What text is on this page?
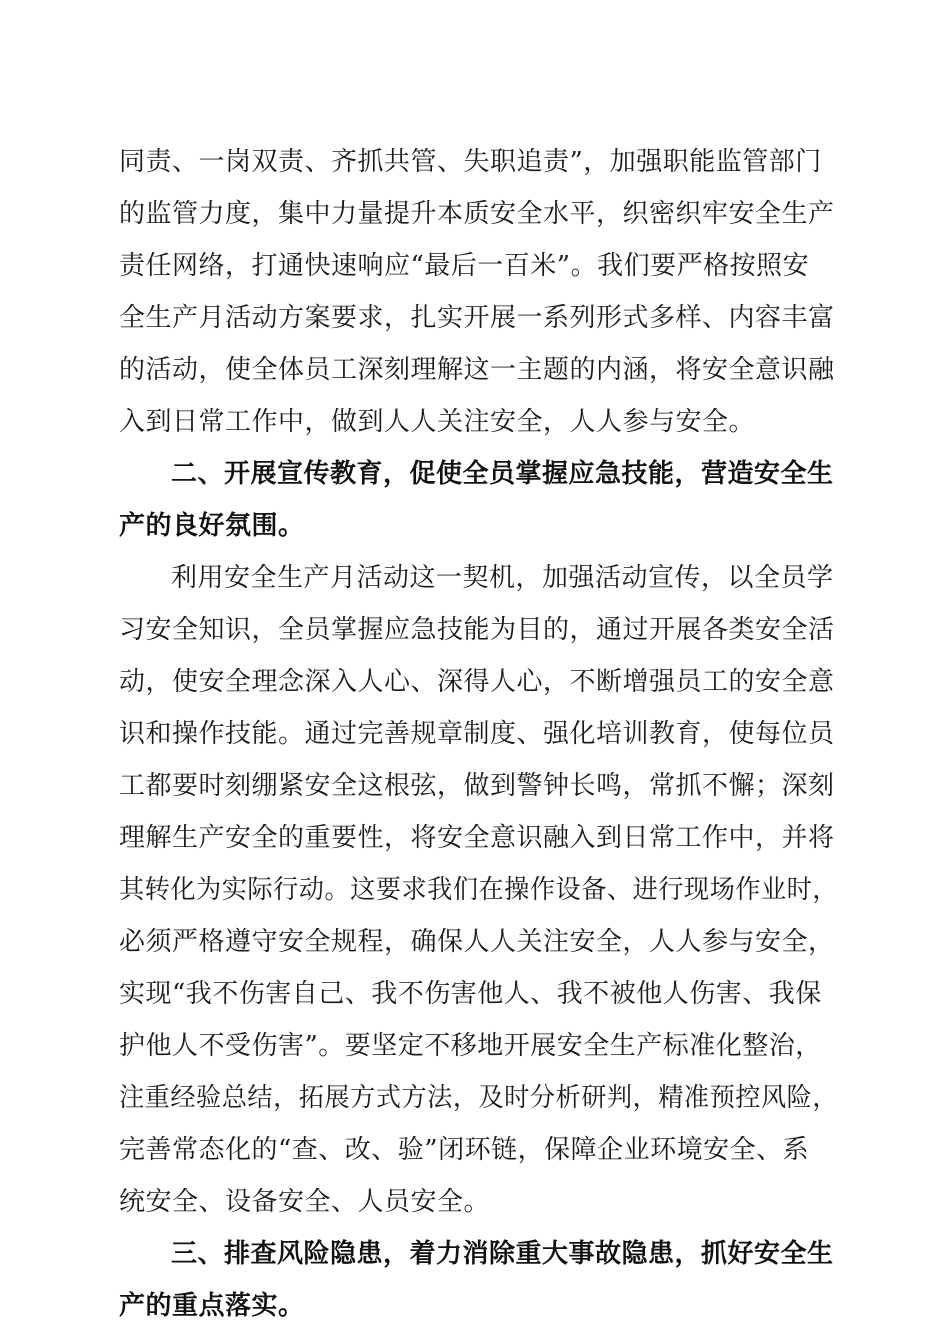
同责、一岗双责、齐抓共管、失职追责”，加强职能监管部门
的监管力度，集中力量提升本质安全水平，织密织牢安全生产
责任网络，打通快速响应“最后一百米”。我们要严格按照安
全生产月活动方案要求，扎实开展一系列形式多样、内容丰富
的活动，使全体员工深刻理解这一主题的内涵，将安全意识融
入到日常工作中，做到人人关注安全，人人参与安全。
二、开展宣传教育，促使全员掌握应急技能，营造安全生
产的良好氛围。
利用安全生产月活动这一契机，加强活动宣传，以全员学
习安全知识，全员掌握应急技能为目的，通过开展各类安全活
动，使安全理念深入人心、深得人心，不断增强员工的安全意
识和操作技能。通过完善规章制度、强化培训教育，使每位员
工都要时刻绷紧安全这根弦，做到警钟长鸣，常抓不懈；深刻
理解生产安全的重要性，将安全意识融入到日常工作中，并将
其转化为实际行动。这要求我们在操作设备、进行现场作业时，
必须严格遵守安全规程，确保人人关注安全，人人参与安全，
实现“我不伤害自己、我不伤害他人、我不被他人伤害、我保
护他人不受伤害”。要坚定不移地开展安全生产标准化整治，
注重经验总结，拓展方式方法，及时分析研判，精准预控风险，
完善常态化的“查、改、验”闭环链，保障企业环境安全、系
统安全、设备安全、人员安全。
三、排查风险隐患，着力消除重大事故隐患，抓好安全生
产的重点落实。
